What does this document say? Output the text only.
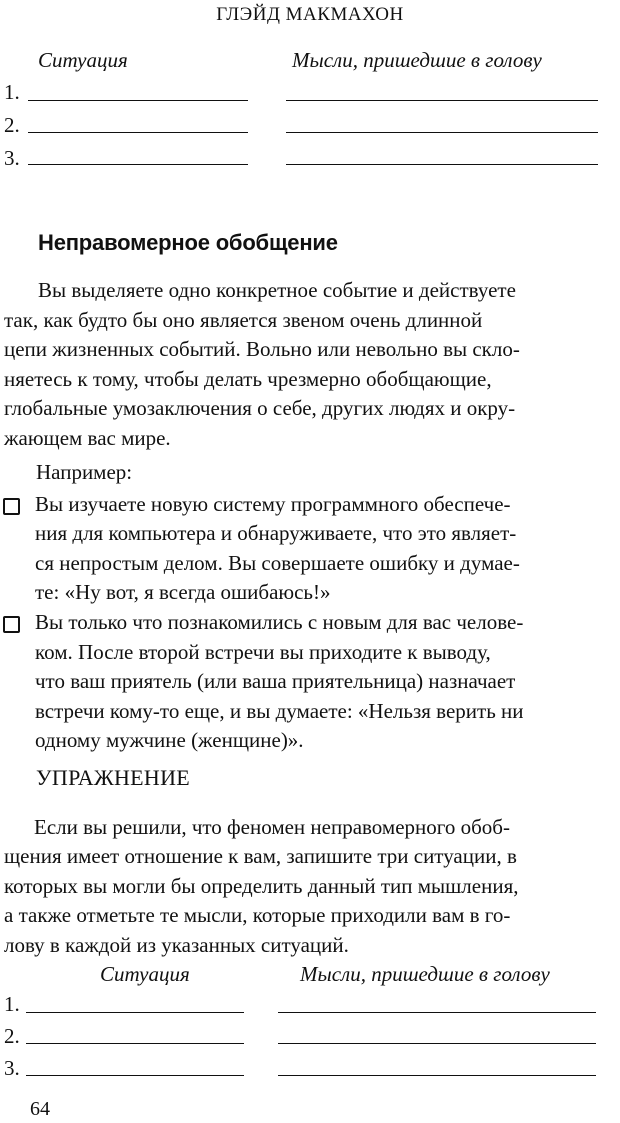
ГЛЭЙД МАКМАХОН
Ситуация	Мысли, пришедшие в голову
1.
2.
3.
Неправомерное обобщение
Вы выделяете одно конкретное событие и действуете
так, как будто бы оно является звеном очень длинной
цепи жизненных событий. Вольно или невольно вы скло-
няетесь к тому, чтобы делать чрезмерно обобщающие,
глобальные умозаключения о себе, других людях и окру-
жающем вас мире.
Например:
Вы изучаете новую систему программного обеспече-
ния для компьютера и обнаруживаете, что это являет-
ся непростым делом. Вы совершаете ошибку и думае-
те: «Ну вот, я всегда ошибаюсь!»
Вы только что познакомились с новым для вас челове-
ком. После второй встречи вы приходите к выводу,
что ваш приятель (или ваша приятельница) назначает
встречи кому-то еще, и вы думаете: «Нельзя верить ни
одному мужчине (женщине)».
УПРАЖНЕНИЕ
Если вы решили, что феномен неправомерного обоб-
щения имеет отношение к вам, запишите три ситуации, в
которых вы могли бы определить данный тип мышления,
а также отметьте те мысли, которые приходили вам в го-
лову в каждой из указанных ситуаций.
Ситуация	Мысли, пришедшие в голову
1.
2.
3.
64
